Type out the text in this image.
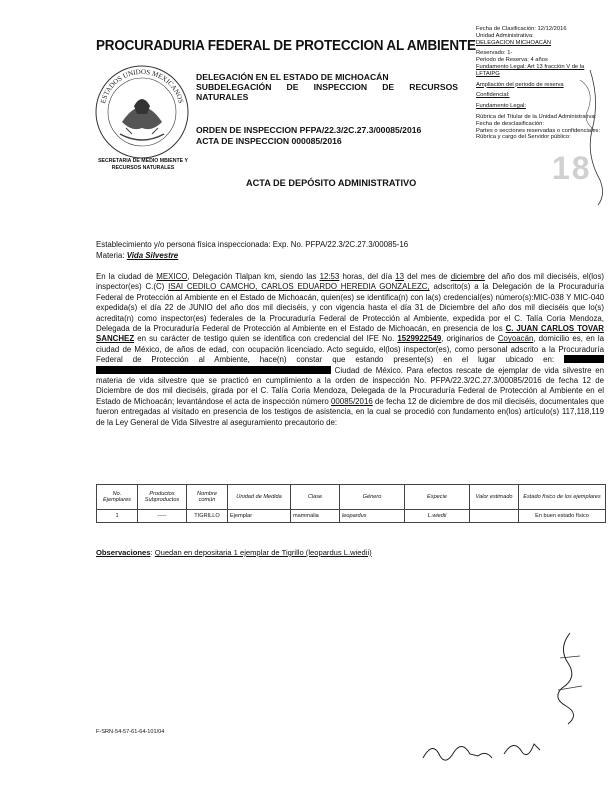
PROCURADURIA FEDERAL DE PROTECCION AL AMBIENTE
ESTADOS UNIDOS MEXICANOS
SECRETARIA DE MEDIO MBIENTE Y RECURSOS NATURALES
DELEGACIÓN EN EL ESTADO DE MICHOACÁN
SUBDELEGACIÓN DE INSPECCION DE RECURSOS
NATURALES
ORDEN DE INSPECCION PFPA/22.3/2C.27.3/00085/2016
ACTA DE INSPECCION 000085/2016
ACTA DE DEPÓSITO ADMINISTRATIVO
Fecha de Clasificación: 12/12/2016
Unidad Administrativa:
DELEGACION MICHOACÁN
Reservado: 1-
Periodo de Reserva: 4 años
Fundamento Legal: Art 13 fracción V de la LFTAIPG
Ampliación del periodo de reserva
Confidencial:
Fundamento Legal:
Rúbrica del Titular de la Unidad Administrativa:
Fecha de desclasificación:
Partes o secciones reservadas o confidenciales:
Rúbrica y cargo del Servidor público:
18
Establecimiento y/o persona física inspeccionada: Exp. No. PFPA/22.3/2C.27.3/00085-16
Materia: Vida Silvestre
En la ciudad de MEXICO, Delegación Tlalpan km, siendo las 12:53 horas, del día 13 del mes de diciembre del año dos mil dieciséis, el(los) inspector(es) C.(C) ISAI CEDILO CAMCHO, CARLOS EDUARDO HEREDIA GONZALEZC, adscrito(s) a la Delegación de la Procuraduría Federal de Protección al Ambiente en el Estado de Michoacán, quien(es) se identifica(n) con la(s) credencial(es) número(s):MIC-038 Y MIC-040 expedida(s) el día 22 de JUNIO del año dos mil dieciséis, y con vigencia hasta el día 31 de Diciembre del año dos mil dieciséis que lo(s) acredita(n) como inspector(es) federales de la Procuraduría Federal de Protección al Ambiente, expedida por el C. Talía Coria Mendoza, Delegada de la Procuraduría Federal de Protección al Ambiente en el Estado de Michoacán, en presencia de los C. JUAN CARLOS TOVAR SANCHEZ en su carácter de testigo quien se identifica con credencial del IFE No. 1529922549, originarios de Coyoacán, domicilio es, en la ciudad de México, de años de edad, con ocupación licenciado. Acto seguido, el(los) inspector(es), como personal adscrito a la Procuraduría Federal de Protección al Ambiente, hace(n) constar que estando presente(s) en el lugar ubicado en:   Ciudad de México. Para efectos rescate de ejemplar de vida silvestre en materia de vida silvestre que se practicó en cumplimiento a la orden de inspección No. PFPA/22.3/2C.27.3/00085/2016 de fecha 12 de Diciembre de dos mil dieciséis, girada por el C. Talía Coria Mendoza, Delegada de la Procuraduría Federal de Protección al Ambiente en el Estado de Michoacán; levantándose el acta de inspección número 00085/2016 de fecha 12 de diciembre de dos mil dieciséis, documentales que fueron entregadas al visitado en presencia de los testigos de asistencia, en la cual se procedió con fundamento en(los) artículo(s) 117,118,119 de la Ley General de Vida Silvestre al aseguramiento precautorio de:
No. Ejemplares	Productos Subproductos	Nombre común	Unidad de Medida	Clase	Género	Especie	Valor estimado	Estado físico de los ejemplares
1	-----	TIGRILLO	Ejemplar	mammalia	leopardus	L.wiedii		En buen estado físico
Observaciones: Quedan en depositaria 1 ejemplar de Tigrillo (leopardus L.wiedii)
F-SRN-54-57-61-64-101/04
